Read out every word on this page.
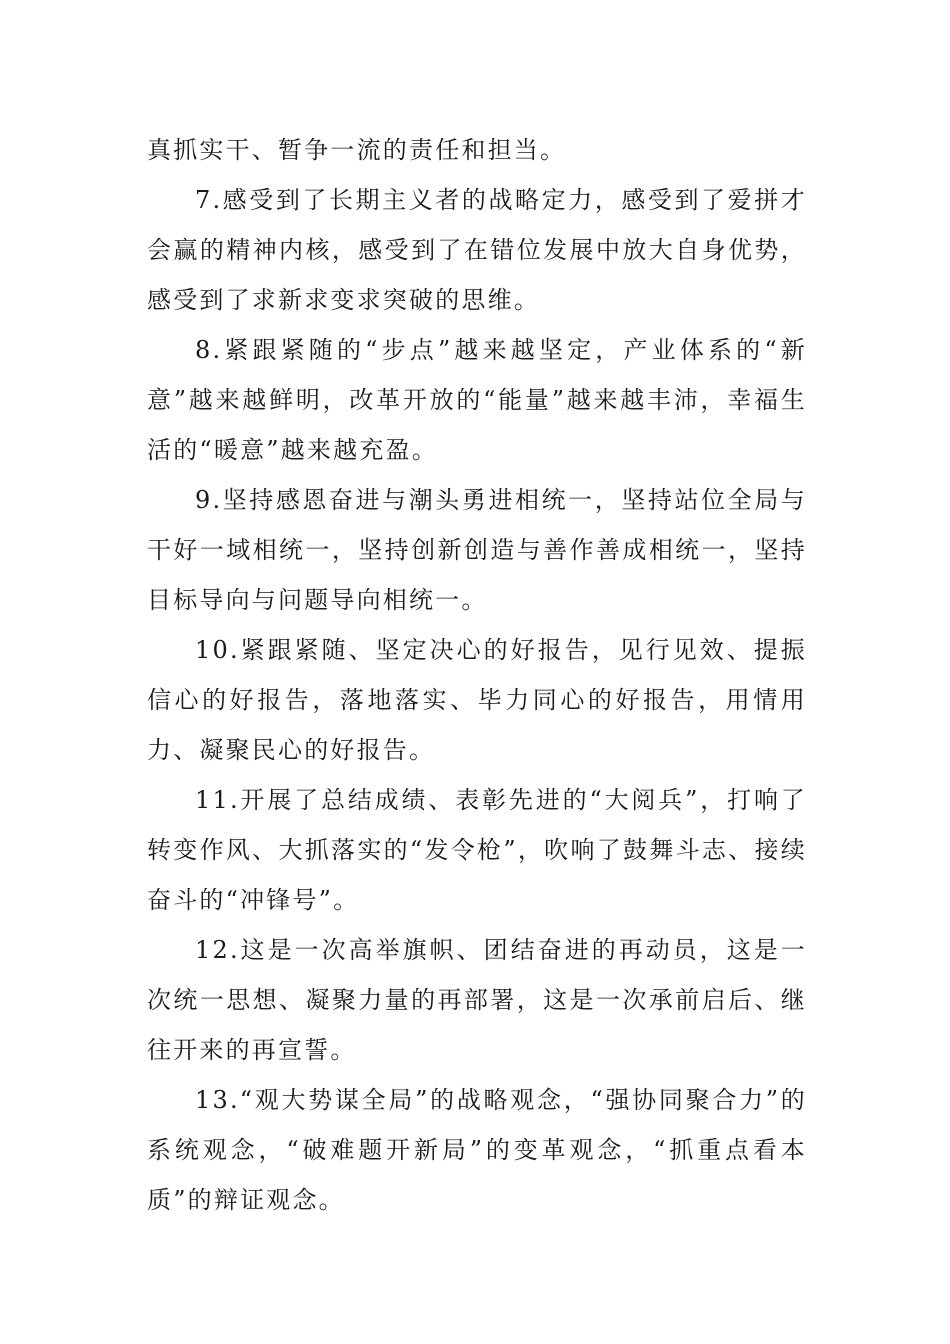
真抓实干、暂争一流的责任和担当。

7.感受到了长期主义者的战略定力，感受到了爱拼才会赢的精神内核，感受到了在错位发展中放大自身优势，感受到了求新求变求突破的思维。

8.紧跟紧随的“步点”越来越坚定，产业体系的“新意”越来越鲜明，改革开放的“能量”越来越丰沛，幸福生活的“暖意”越来越充盈。

9.坚持感恩奋进与潮头勇进相统一，坚持站位全局与干好一域相统一，坚持创新创造与善作善成相统一，坚持目标导向与问题导向相统一。

10.紧跟紧随、坚定决心的好报告，见行见效、提振信心的好报告，落地落实、毕力同心的好报告，用情用力、凝聚民心的好报告。

11.开展了总结成绩、表彰先进的“大阅兵”，打响了转变作风、大抓落实的“发令枪”，吹响了鼓舞斗志、接续奋斗的“冲锋号”。

12.这是一次高举旗帜、团结奋进的再动员，这是一次统一思想、凝聚力量的再部署，这是一次承前启后、继往开来的再宣誓。

13.“观大势谋全局”的战略观念，“强协同聚合力”的系统观念，“破难题开新局”的变革观念，“抓重点看本质”的辩证观念。
